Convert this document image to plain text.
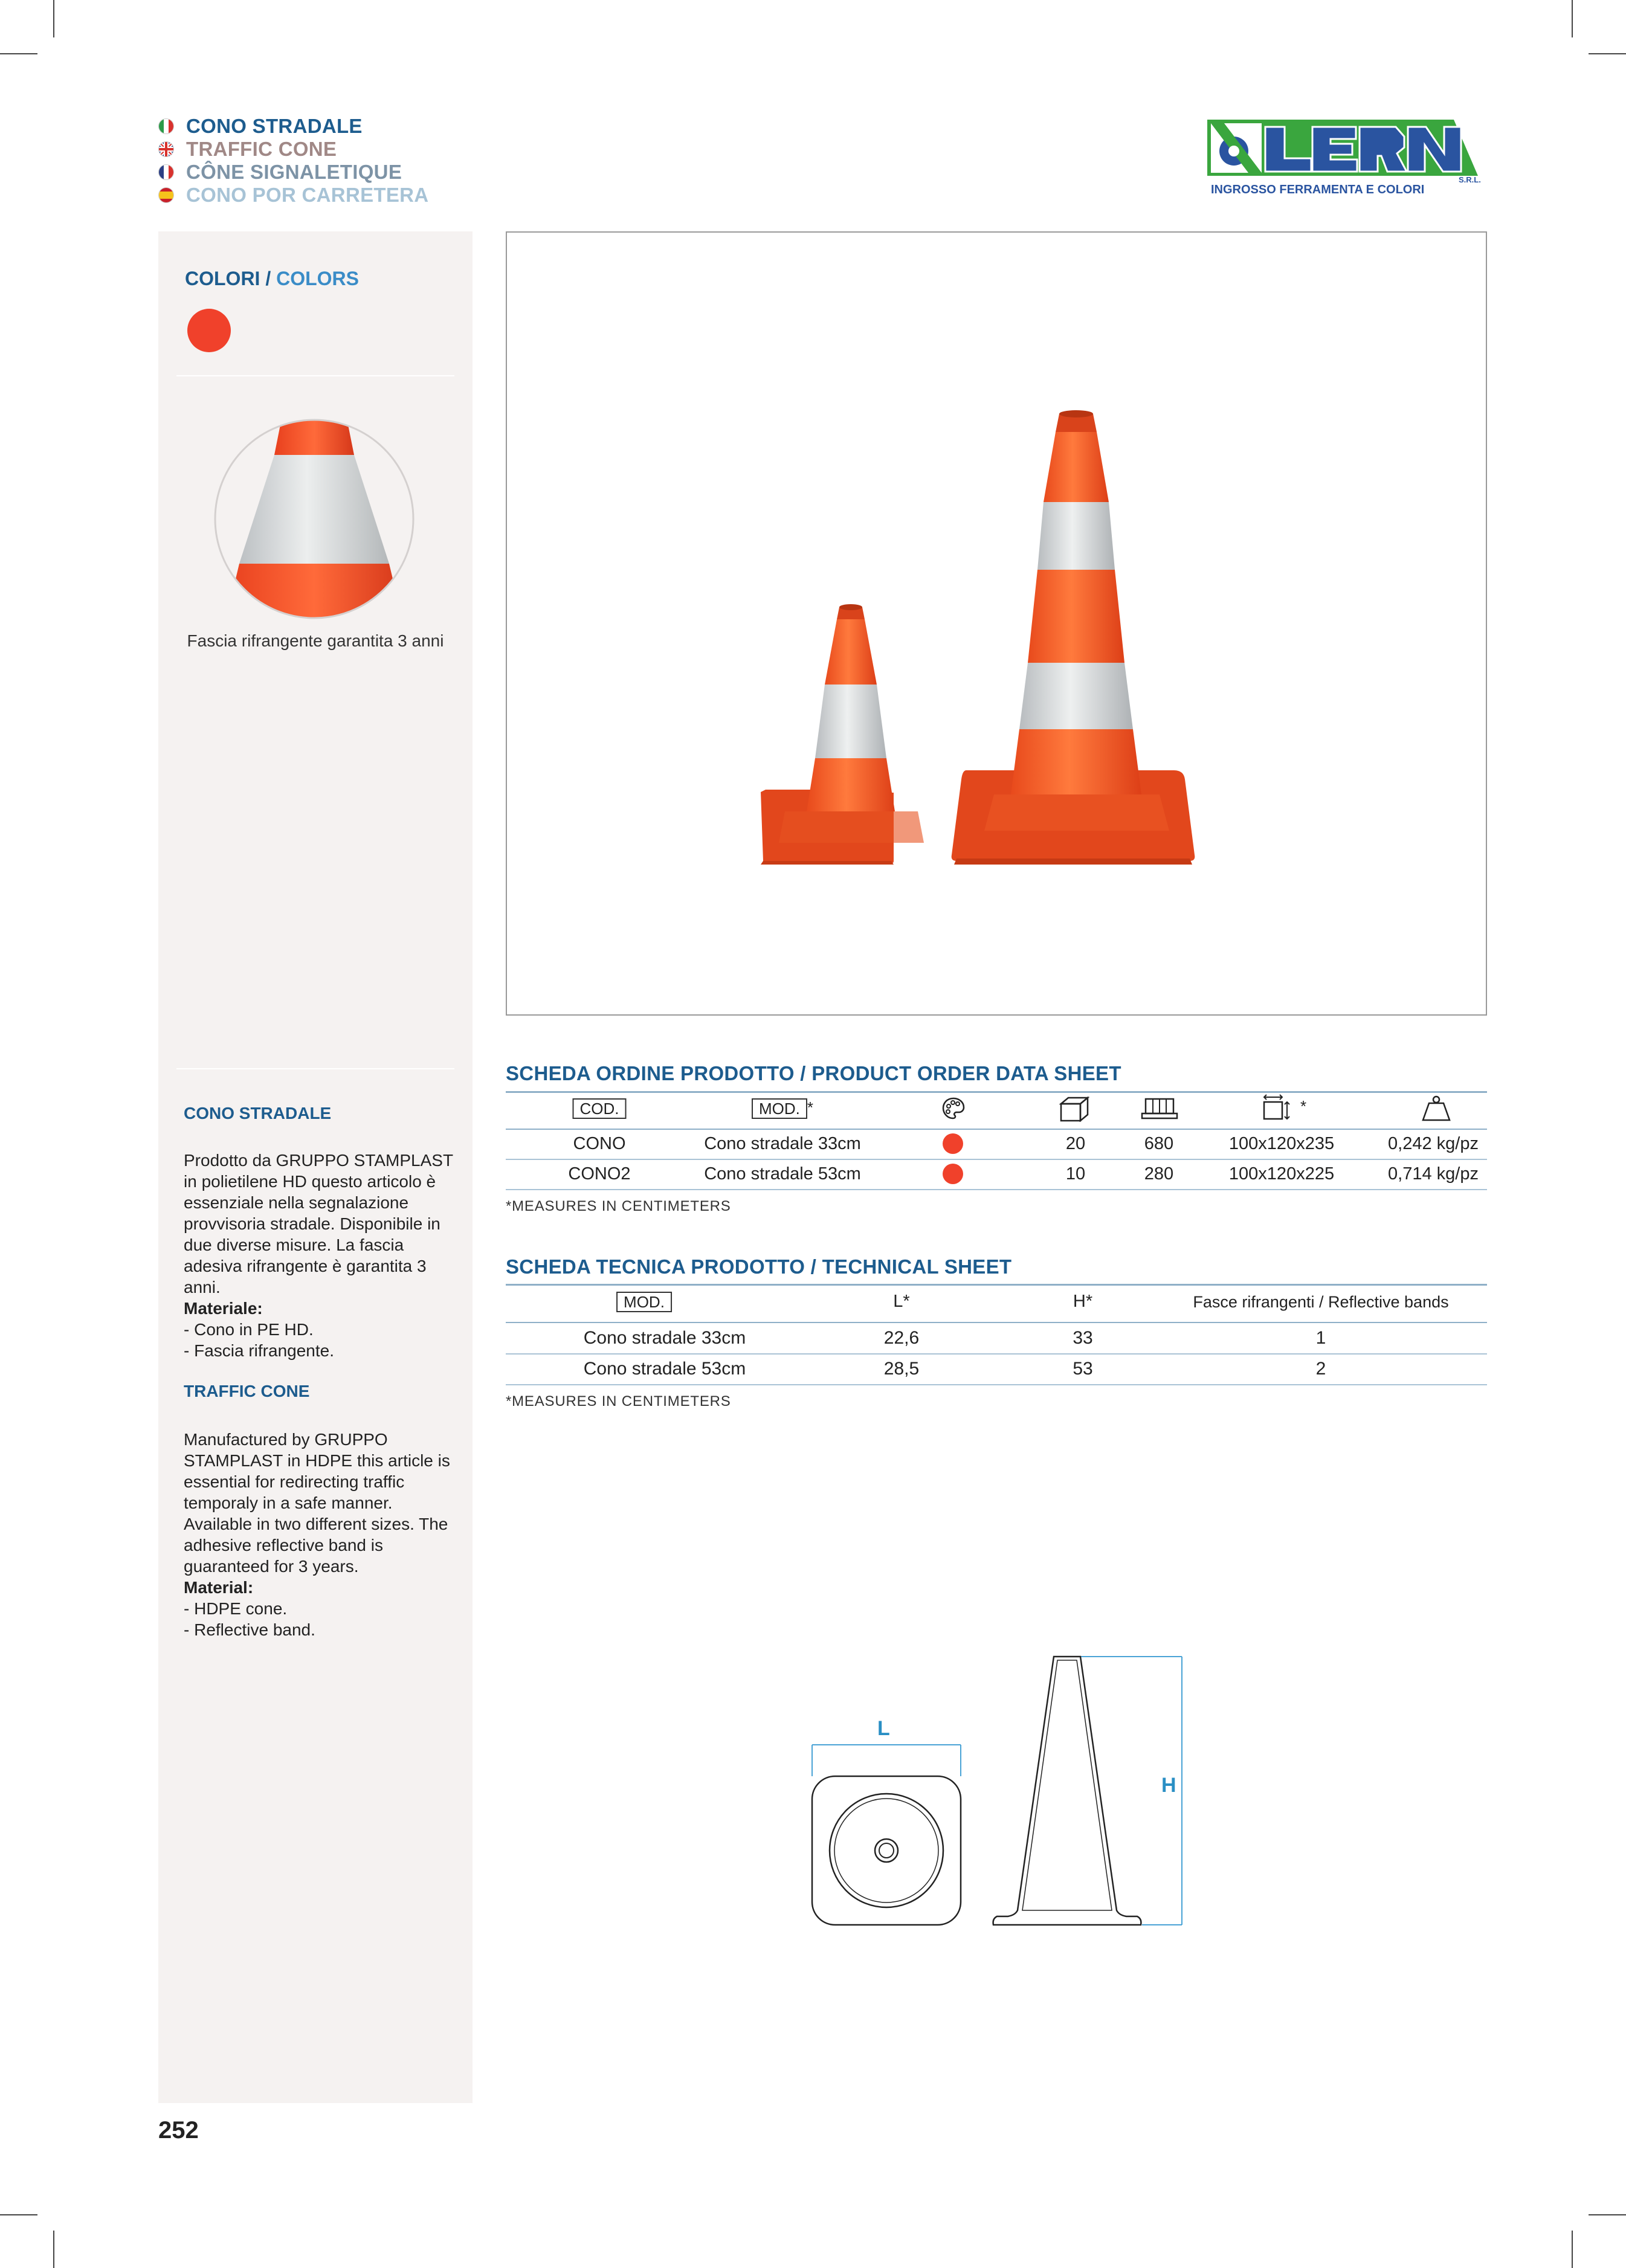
CONO STRADALE
TRAFFIC CONE
CÔNE SIGNALETIQUE
CONO POR CARRETERA
S.R.L.
INGROSSO FERRAMENTA E COLORI
COLORI / COLORS
Fascia rifrangente garantita 3 anni
CONO STRADALE
Prodotto da GRUPPO STAMPLAST in polietilene HD questo articolo è essenziale nella segnalazione provvisoria stradale. Disponibile in due diverse misure. La fascia adesiva rifrangente è garantita 3 anni.
Materiale:
- Cono in PE HD.
- Fascia rifrangente.
TRAFFIC CONE
Manufactured by GRUPPO STAMPLAST in HDPE this article is essential for redirecting traffic temporaly in a safe manner. Available in two different sizes. The adhesive reflective band is guaranteed for 3 years.
Material:
- HDPE cone.
- Reflective band.
SCHEDA ORDINE PRODOTTO / PRODUCT ORDER DATA SHEET
COD.	MOD. *	*
CONO	Cono stradale 33cm	20	680	100x120x235	0,242 kg/pz
CONO2	Cono stradale 53cm	10	280	100x120x225	0,714 kg/pz
*MEASURES IN CENTIMETERS
SCHEDA TECNICA PRODOTTO / TECHNICAL SHEET
MOD.	L*	H*	Fasce rifrangenti / Reflective bands
Cono stradale 33cm	22,6	33	1
Cono stradale 53cm	28,5	53	2
*MEASURES IN CENTIMETERS
L
H
252
